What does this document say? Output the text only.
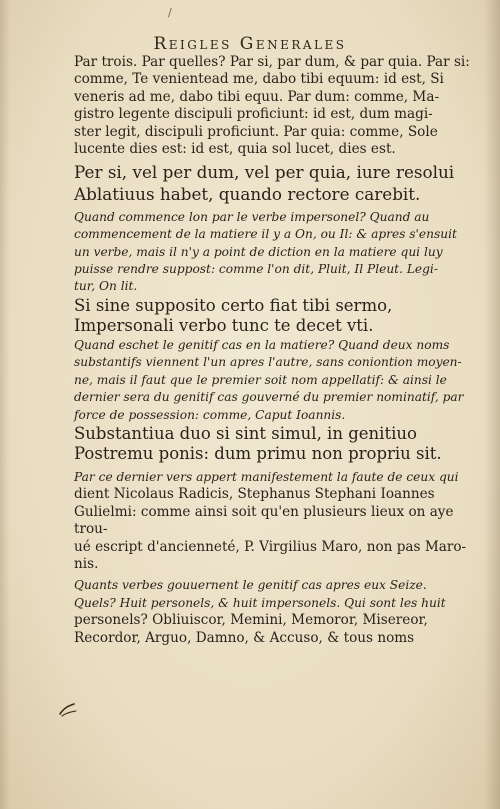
/
Reigles Generales

Par trois. Par quelles? Par si, par dum, & par quia. Par si:

comme, Te venientead me, dabo tibi equum: id est, Si

veneris ad me, dabo tibi equu. Par dum: comme, Ma-

gistro legente discipuli proficiunt: id est, dum magi-

ster legit, discipuli proficiunt. Par quia: comme, Sole

lucente dies est: id est, quia sol lucet, dies est.

Per si, vel per dum, vel per quia, iure resolui

Ablatiuus habet, quando rectore carebit.

Quand commence lon par le verbe impersonel? Quand au

commencement de la matiere il y a On, ou Il: & apres s'ensuit

un verbe, mais il n'y a point de diction en la matiere qui luy

puisse rendre suppost: comme l'on dit, Pluit, Il Pleut. Legi-

tur, On lit.

Si sine supposito certo fiat tibi sermo,

Impersonali verbo tunc te decet vti.

Quand eschet le genitif cas en la matiere? Quand deux noms

substantifs viennent l'un apres l'autre, sans coniontion moyen-

ne, mais il faut que le premier soit nom appellatif: & ainsi le

dernier sera du genitif cas gouverné du premier nominatif, par

force de possession: comme, Caput Ioannis.

Substantiua duo si sint simul, in genitiuo

Postremu ponis: dum primu non propriu sit.

Par ce dernier vers appert manifestement la faute de ceux qui

dient Nicolaus Radicis, Stephanus Stephani Ioannes

Gulielmi: comme ainsi soit qu'en plusieurs lieux on aye trou-

ué escript d'ancienneté, P. Virgilius Maro, non pas Maro-

nis.

Quants verbes gouuernent le genitif cas apres eux Seize.

Quels? Huit personels, & huit impersonels. Qui sont les huit

personels? Obliuiscor, Memini, Memoror, Misereor,

Recordor, Arguo, Damno, & Accuso, & tous noms
